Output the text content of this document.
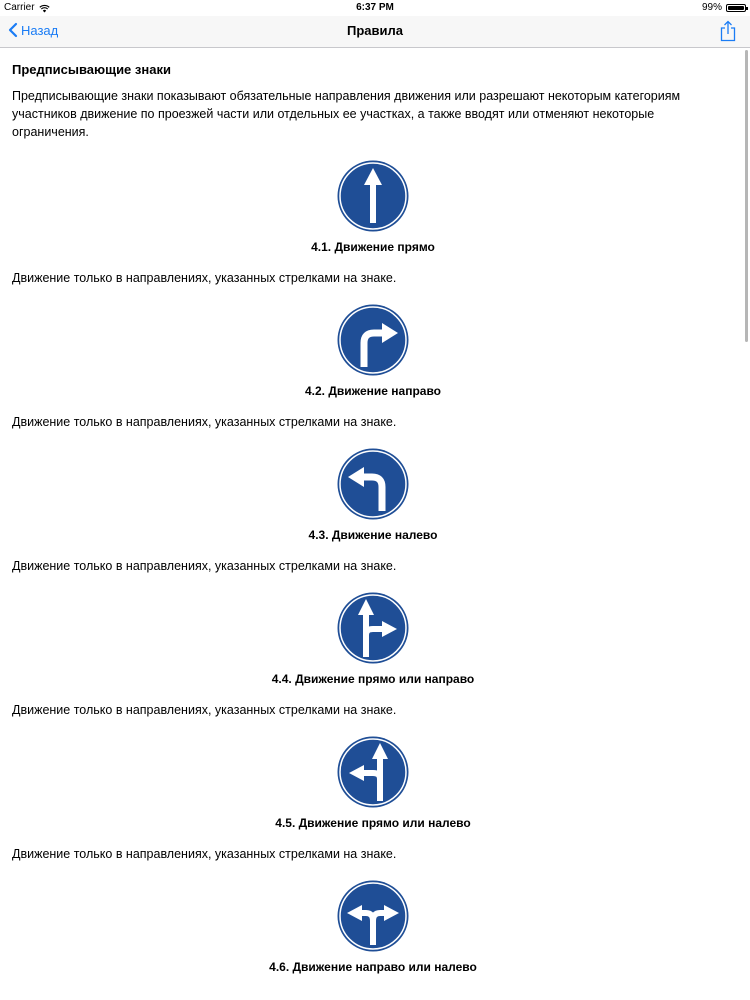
Carrier	6:37 PM	99%
Назад	Правила
Предписывающие знаки
Предписывающие знаки показывают обязательные направления движения или разрешают некоторым категориям участников движение по проезжей части или отдельных ее участках, а также вводят или отменяют некоторые ограничения.
4.1. Движение прямо
Движение только в направлениях, указанных стрелками на знаке.
4.2. Движение направо
Движение только в направлениях, указанных стрелками на знаке.
4.3. Движение налево
Движение только в направлениях, указанных стрелками на знаке.
4.4. Движение прямо или направо
Движение только в направлениях, указанных стрелками на знаке.
4.5. Движение прямо или налево
Движение только в направлениях, указанных стрелками на знаке.
4.6. Движение направо или налево
